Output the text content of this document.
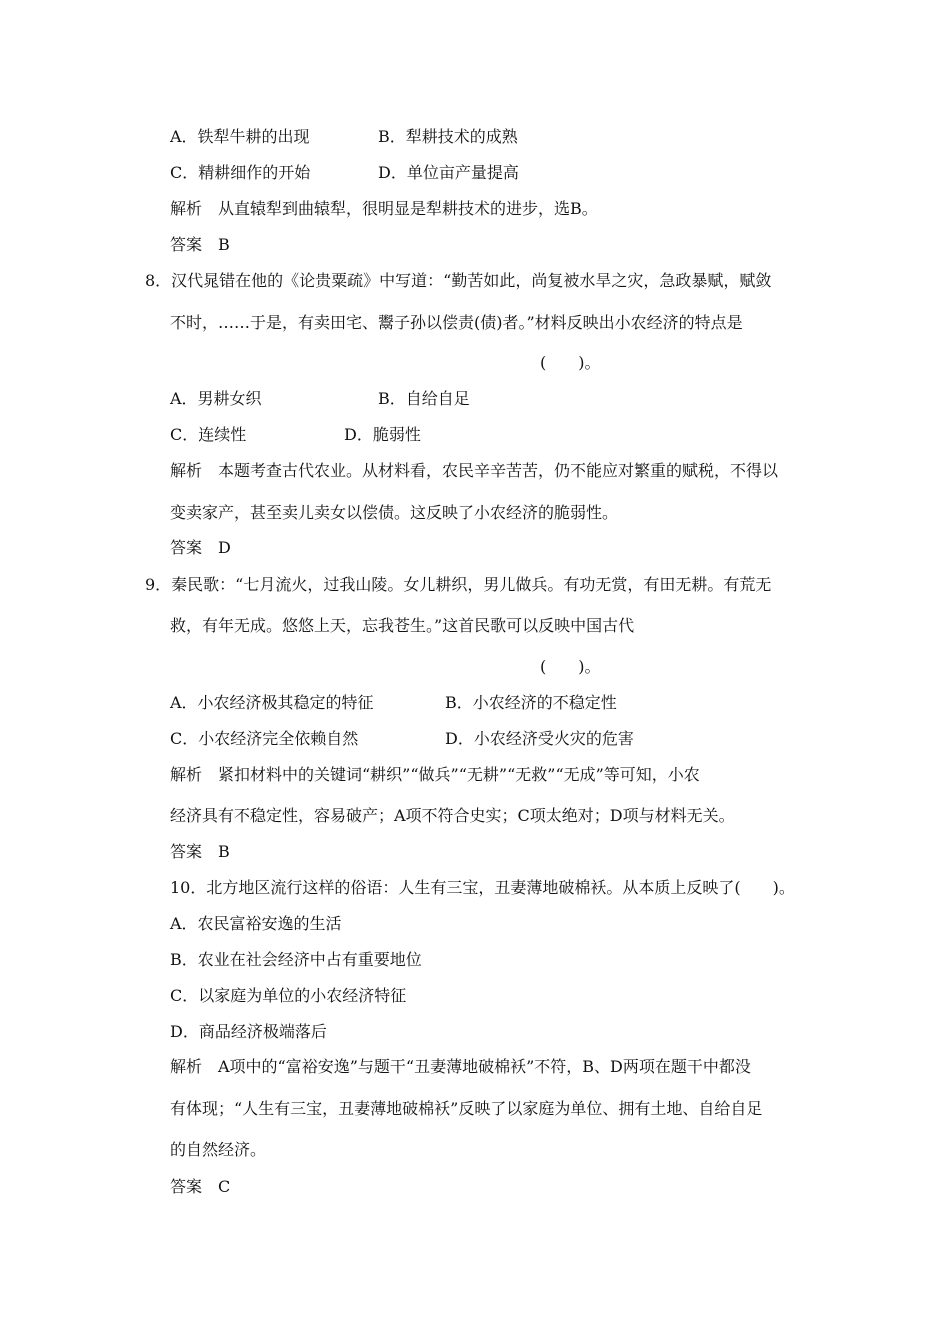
A．铁犁牛耕的出现	B．犁耕技术的成熟
C．精耕细作的开始	D．单位亩产量提高
解析　从直辕犁到曲辕犁，很明显是犁耕技术的进步，选B。
答案　B
8．汉代晁错在他的《论贵粟疏》中写道：“勤苦如此，尚复被水旱之灾，急政暴赋，赋敛
不时，……于是，有卖田宅、鬻子孙以偿责(债)者。”材料反映出小农经济的特点是
(　　)。
A．男耕女织	B．自给自足
C．连续性	D．脆弱性
解析　本题考查古代农业。从材料看，农民辛辛苦苦，仍不能应对繁重的赋税，不得以
变卖家产，甚至卖儿卖女以偿债。这反映了小农经济的脆弱性。
答案　D
9．秦民歌：“七月流火，过我山陵。女儿耕织，男儿做兵。有功无赏，有田无耕。有荒无
救，有年无成。悠悠上天，忘我苍生。”这首民歌可以反映中国古代
(　　)。
A．小农经济极其稳定的特征	B．小农经济的不稳定性
C．小农经济完全依赖自然	D．小农经济受火灾的危害
解析　紧扣材料中的关键词“耕织”“做兵”“无耕”“无救”“无成”等可知，小农
经济具有不稳定性，容易破产；A项不符合史实；C项太绝对；D项与材料无关。
答案　B
10．北方地区流行这样的俗语：人生有三宝，丑妻薄地破棉袄。从本质上反映了(　　)。
A．农民富裕安逸的生活
B．农业在社会经济中占有重要地位
C．以家庭为单位的小农经济特征
D．商品经济极端落后
解析　A项中的“富裕安逸”与题干“丑妻薄地破棉袄”不符，B、D两项在题干中都没
有体现；“人生有三宝，丑妻薄地破棉袄”反映了以家庭为单位、拥有土地、自给自足
的自然经济。
答案　C
